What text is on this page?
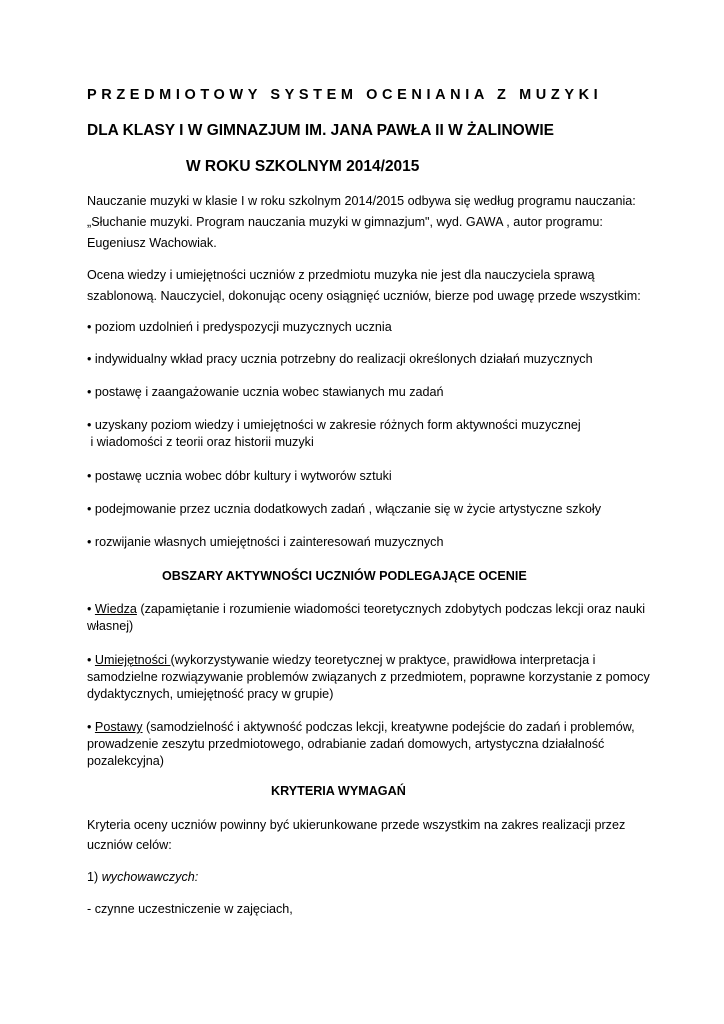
PRZEDMIOTOWY SYSTEM OCENIANIA Z MUZYKI
DLA KLASY I W GIMNAZJUM IM. JANA PAWŁA II W ŻALINOWIE
W ROKU SZKOLNYM 2014/2015
Nauczanie muzyki w klasie I w roku szkolnym 2014/2015 odbywa się według programu nauczania:
„Słuchanie muzyki. Program nauczania muzyki w gimnazjum", wyd. GAWA , autor programu:
Eugeniusz Wachowiak.
Ocena wiedzy i umiejętności uczniów z przedmiotu muzyka nie jest dla nauczyciela sprawą
szablonową. Nauczyciel, dokonując oceny osiągnięć uczniów, bierze pod uwagę przede wszystkim:
• poziom uzdolnień i predyspozycji muzycznych ucznia
• indywidualny wkład pracy ucznia potrzebny do realizacji określonych działań muzycznych
• postawę i zaangażowanie ucznia wobec stawianych mu zadań
• uzyskany poziom wiedzy i umiejętności w zakresie różnych form aktywności muzycznej
i wiadomości z teorii oraz historii muzyki
• postawę ucznia wobec dóbr kultury i wytworów sztuki
• podejmowanie przez ucznia dodatkowych zadań , włączanie się w życie artystyczne szkoły
• rozwijanie własnych umiejętności i zainteresowań muzycznych
OBSZARY AKTYWNOŚCI UCZNIÓW PODLEGAJĄCE OCENIE
• Wiedza (zapamiętanie i rozumienie wiadomości teoretycznych zdobytych podczas lekcji oraz nauki
własnej)
• Umiejętności (wykorzystywanie wiedzy teoretycznej w praktyce, prawidłowa interpretacja i
samodzielne rozwiązywanie problemów związanych z przedmiotem, poprawne korzystanie z pomocy
dydaktycznych, umiejętność pracy w grupie)
• Postawy (samodzielność i aktywność podczas lekcji, kreatywne podejście do zadań i problemów,
prowadzenie zeszytu przedmiotowego, odrabianie zadań domowych, artystyczna działalność
pozalekcyjna)
KRYTERIA WYMAGAŃ
Kryteria oceny uczniów powinny być ukierunkowane przede wszystkim na zakres realizacji przez
uczniów celów:
1) wychowawczych:
- czynne uczestniczenie w zajęciach,
